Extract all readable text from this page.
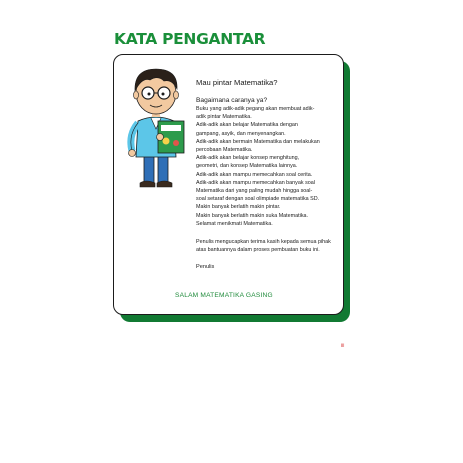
KATA PENGANTAR

Mau pintar Matematika?

Bagaimana caranya ya?

Buku yang adik-adik pegang akan membuat adik-
adik pintar Matematika.
Adik-adik akan belajar Matematika dengan
gampang, asyik, dan menyenangkan.
Adik-adik akan bermain Matematika dan melakukan
percobaan Matematika.
Adik-adik akan belajar konsep menghitung,
geometri, dan konsep Matematika lainnya.
Adik-adik akan mampu memecahkan soal cerita.
Adik-adik akan mampu memecahkan banyak soal
Matematika dari yang paling mudah hingga soal-
soal setaraf dengan soal olimpiade matematika SD.
Makin banyak berlatih makin pintar.
Makin banyak berlatih makin suka Matematika.
Selamat menikmati Matematika.

Penulis mengucapkan terima kasih kepada semua pihak atas bantuannya dalam proses pembuatan buku ini.

Penulis

SALAM MATEMATIKA GASING
iii
